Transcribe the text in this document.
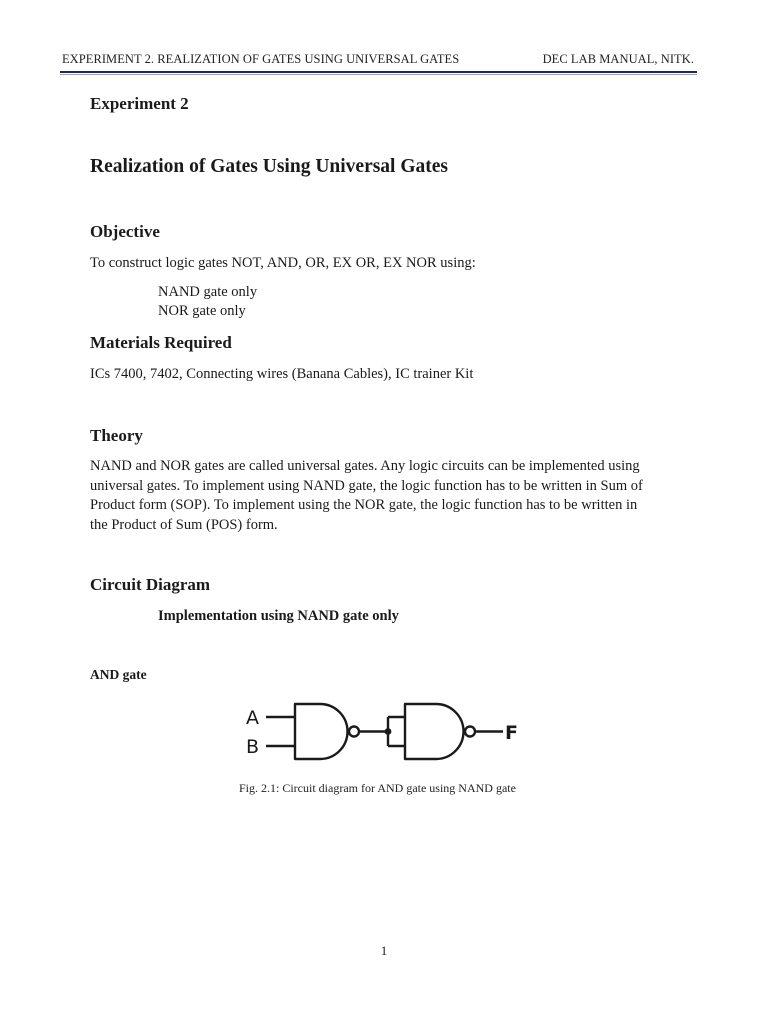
EXPERIMENT 2. REALIZATION OF GATES USING UNIVERSAL GATES	DEC LAB MANUAL, NITK.
Experiment 2
Realization of Gates Using Universal Gates
Objective
To construct logic gates NOT, AND, OR, EX OR, EX NOR using:
NAND gate only
NOR gate only
Materials Required
ICs 7400, 7402, Connecting wires (Banana Cables), IC trainer Kit
Theory
NAND and NOR gates are called universal gates. Any logic circuits can be implemented using
universal gates. To implement using NAND gate, the logic function has to be written in Sum of
Product form (SOP). To implement using the NOR gate, the logic function has to be written in
the Product of Sum (POS) form.
Circuit Diagram
Implementation using NAND gate only
AND gate
A
B
F
Fig. 2.1: Circuit diagram for AND gate using NAND gate
1
